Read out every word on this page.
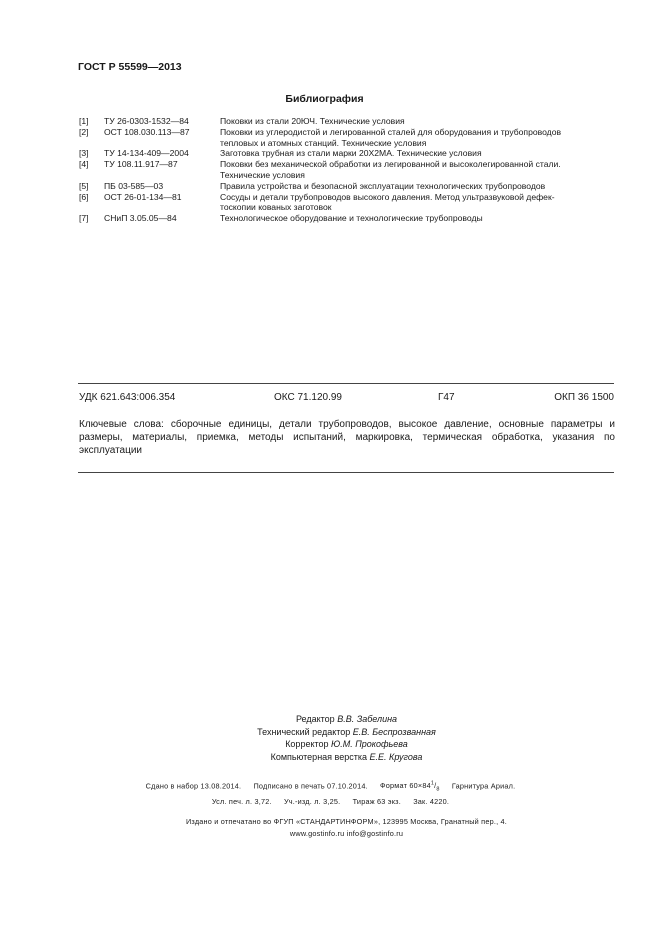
ГОСТ Р 55599—2013
Библиография
[1]	ТУ 26-0303-1532—84	Поковки из стали 20ЮЧ. Технические условия
[2]	ОСТ 108.030.113—87	Поковки из углеродистой и легированной сталей для оборудования и трубопроводов
тепловых и атомных станций. Технические условия
[3]	ТУ 14-134-409—2004	Заготовка трубная из стали марки 20Х2МА. Технические условия
[4]	ТУ 108.11.917—87	Поковки без механической обработки из легированной и высоколегированной стали.
Технические условия
[5]	ПБ 03-585—03	Правила устройства и безопасной эксплуатации технологических трубопроводов
[6]	ОСТ 26-01-134—81	Сосуды и детали трубопроводов высокого давления. Метод ультразвуковой дефек-
тоскопии кованых заготовок
[7]	СНиП 3.05.05—84	Технологическое оборудование и технологические трубопроводы
УДК 621.643:006.354	ОКС 71.120.99	Г47	ОКП 36 1500
Ключевые слова: сборочные единицы, детали трубопроводов, высокое давление, основные параметры и размеры, материалы, приемка, методы испытаний, маркировка, термическая обработка, указания по эксплуатации
Редактор В.В. Забелина
Технический редактор Е.В. Беспрозванная
Корректор Ю.М. Прокофьева
Компьютерная верстка Е.Е. Кругова
Сдано в набор 13.08.2014. Подписано в печать 07.10.2014. Формат $60\times 84^1/_8$ Гарнитура Ариал.
Усл. печ. л. 3,72. Уч.-изд. л. 3,25. Тираж 63 экз. Зак. 4220.
Издано и отпечатано во ФГУП «СТАНДАРТИНФОРМ», 123995 Москва, Гранатный пер., 4.
www.gostinfo.ru info@gostinfo.ru
